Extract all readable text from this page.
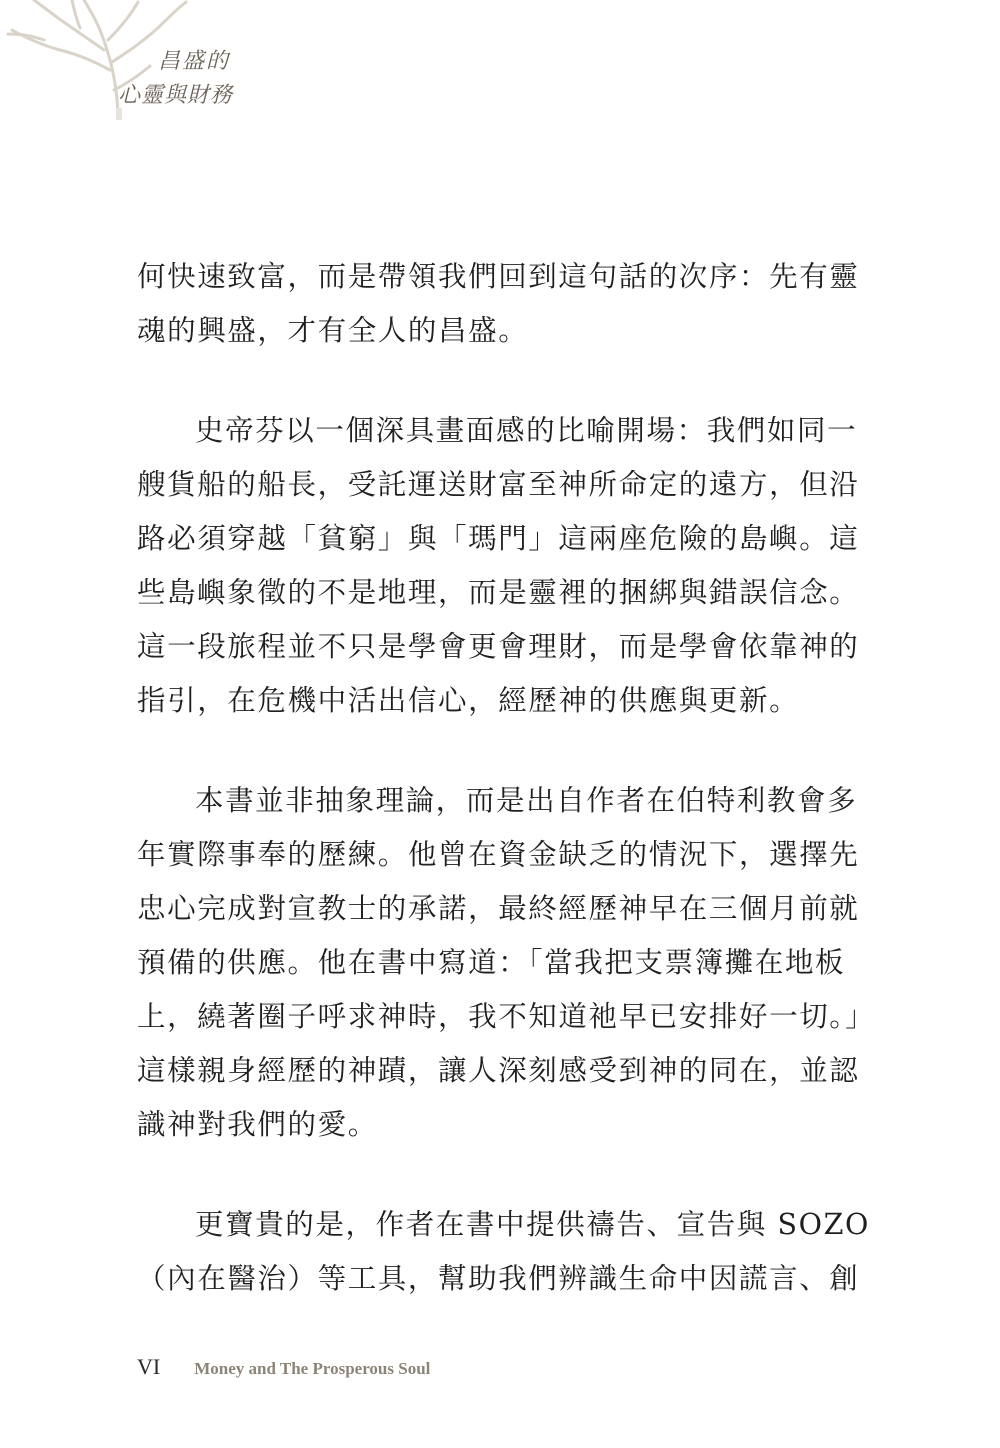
昌盛的
心靈與財務
何快速致富，而是帶領我們回到這句話的次序：先有靈
魂的興盛，才有全人的昌盛。
史帝芬以一個深具畫面感的比喻開場：我們如同一
艘貨船的船長，受託運送財富至神所命定的遠方，但沿
路必須穿越「貧窮」與「瑪門」這兩座危險的島嶼。這
些島嶼象徵的不是地理，而是靈裡的捆綁與錯誤信念。
這一段旅程並不只是學會更會理財，而是學會依靠神的
指引，在危機中活出信心，經歷神的供應與更新。
本書並非抽象理論，而是出自作者在伯特利教會多
年實際事奉的歷練。他曾在資金缺乏的情況下，選擇先
忠心完成對宣教士的承諾，最終經歷神早在三個月前就
預備的供應。他在書中寫道：「當我把支票簿攤在地板
上，繞著圈子呼求神時，我不知道祂早已安排好一切。」
這樣親身經歷的神蹟，讓人深刻感受到神的同在，並認
識神對我們的愛。
更寶貴的是，作者在書中提供禱告、宣告與 SOZO
（內在醫治）等工具，幫助我們辨識生命中因謊言、創
VI Money and The Prosperous Soul
